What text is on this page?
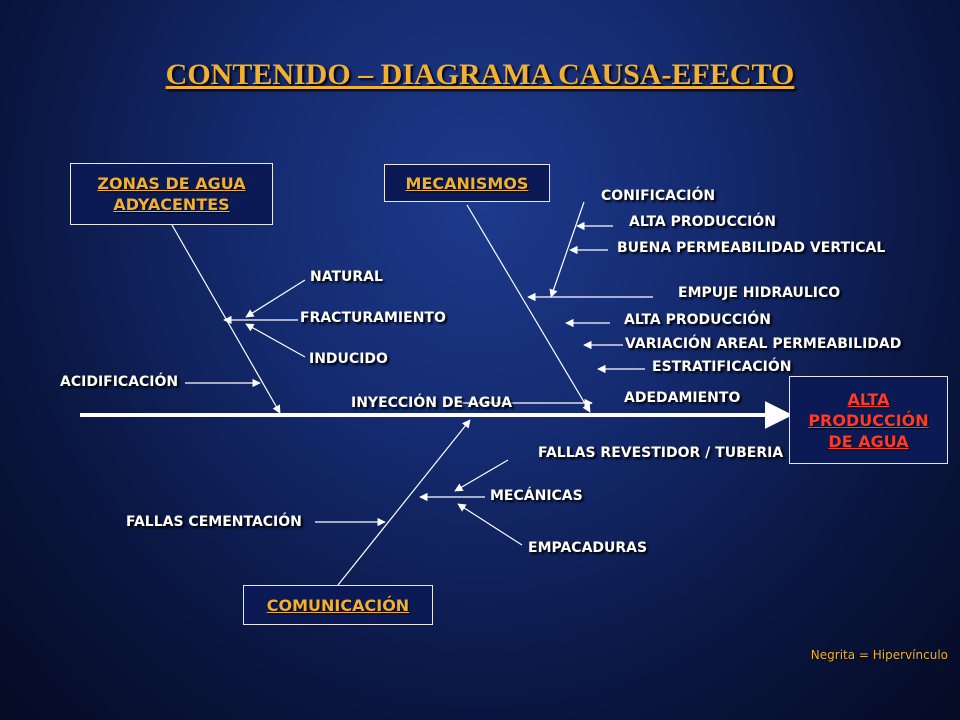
CONTENIDO – DIAGRAMA CAUSA-EFECTO
ZONAS DE AGUA ADYACENTES
MECANISMOS
COMUNICACIÓN
ALTA PRODUCCIÓN DE AGUA
NATURAL
FRACTURAMIENTO
INDUCIDO
ACIDIFICACIÓN
INYECCIÓN DE AGUA
CONIFICACIÓN
ALTA PRODUCCIÓN
BUENA PERMEABILIDAD VERTICAL
EMPUJE HIDRAULICO
ALTA PRODUCCIÓN
VARIACIÓN AREAL PERMEABILIDAD
ESTRATIFICACIÓN
ADEDAMIENTO
FALLAS REVESTIDOR / TUBERIA
MECÁNICAS
EMPACADURAS
FALLAS CEMENTACIÓN
Negrita = Hipervínculo
